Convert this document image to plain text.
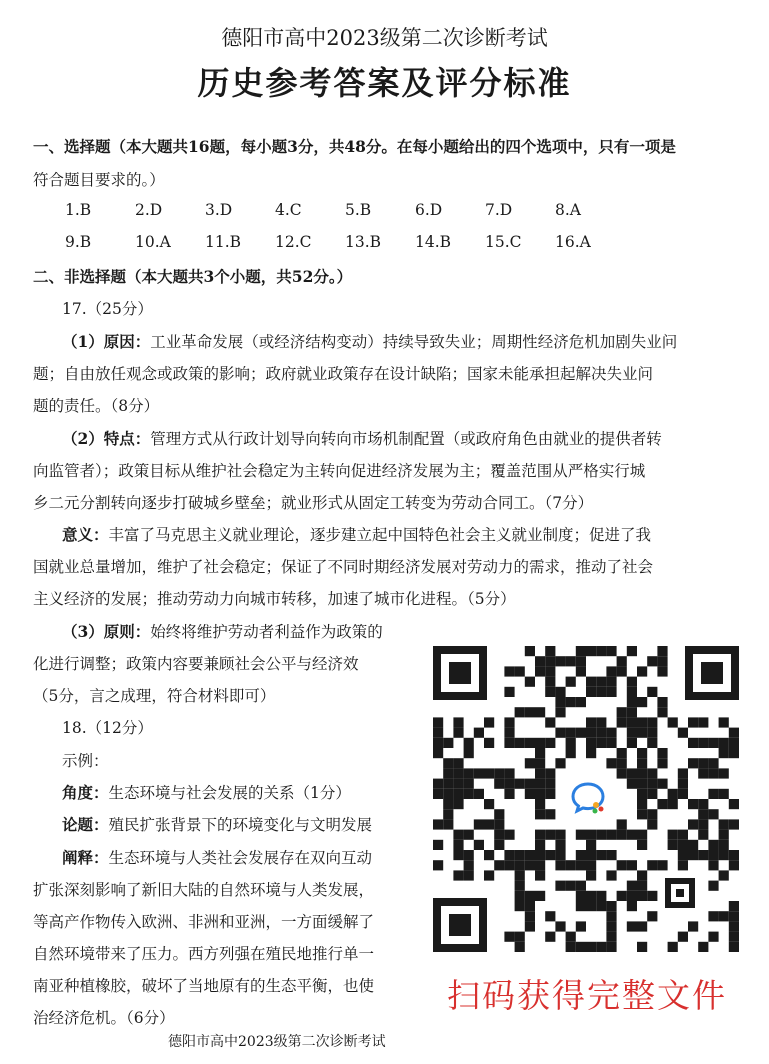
德阳市高中2023级第二次诊断考试
历史参考答案及评分标准
一、选择题（本大题共16题，每小题3分，共48分。在每小题给出的四个选项中，只有一项是
符合题目要求的。）
1.B	2.D	3.D	4.C	5.B	6.D	7.D	8.A
9.B	10.A 11.B 12.C 13.B 14.B 15.C 16.A
二、非选择题（本大题共3个小题，共52分。）
17.（25分）
（1）原因：工业革命发展（或经济结构变动）持续导致失业；周期性经济危机加剧失业问
题；自由放任观念或政策的影响；政府就业政策存在设计缺陷；国家未能承担起解决失业问
题的责任。（8分）
（2）特点：管理方式从行政计划导向转向市场机制配置（或政府角色由就业的提供者转
向监管者）；政策目标从维护社会稳定为主转向促进经济发展为主；覆盖范围从严格实行城
乡二元分割转向逐步打破城乡壁垒；就业形式从固定工转变为劳动合同工。（7分）
意义：丰富了马克思主义就业理论，逐步建立起中国特色社会主义就业制度；促进了我
国就业总量增加，维护了社会稳定；保证了不同时期经济发展对劳动力的需求，推动了社会
主义经济的发展；推动劳动力向城市转移，加速了城市化进程。（5分）
（3）原则：始终将维护劳动者利益作为政策的
化进行调整；政策内容要兼顾社会公平与经济效
（5分，言之成理，符合材料即可）
18.（12分）
示例：
角度：生态环境与社会发展的关系（1分）
论题：殖民扩张背景下的环境变化与文明发展
阐释：生态环境与人类社会发展存在双向互动
扩张深刻影响了新旧大陆的自然环境与人类发展，
等高产作物传入欧洲、非洲和亚洲，一方面缓解了
自然环境带来了压力。西方列强在殖民地推行单一
南亚种植橡胶，破坏了当地原有的生态平衡，也使
治经济危机。（6分）
扫码获得完整文件
德阳市高中2023级第二次诊断考试
